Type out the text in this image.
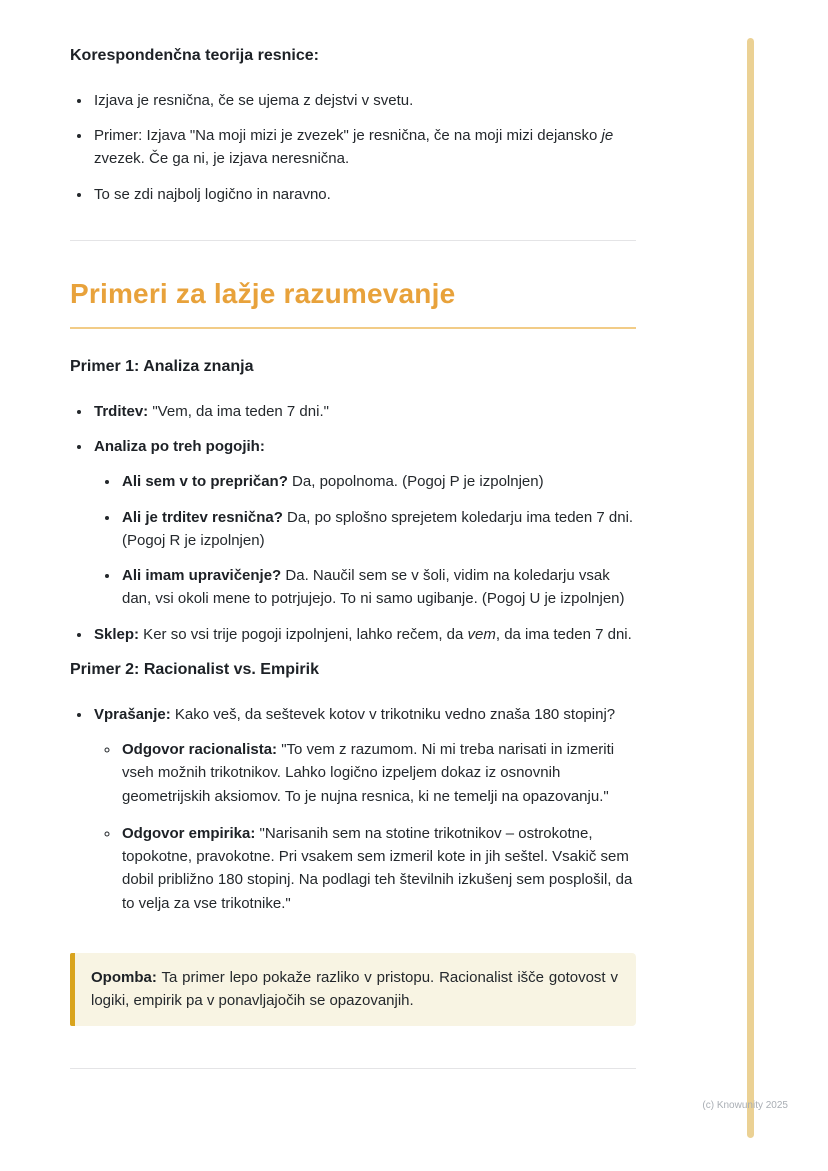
Korespondenčna teorija resnice:
• Izjava je resnična, če se ujema z dejstvi v svetu.
• Primer: Izjava "Na moji mizi je zvezek" je resnična, če na moji mizi dejansko je zvezek. Če ga ni, je izjava neresnična.
• To se zdi najbolj logično in naravno.
Primeri za lažje razumevanje
Primer 1: Analiza znanja
• Trditev: "Vem, da ima teden 7 dni."
• Analiza po treh pogojih:
• Ali sem v to prepričan? Da, popolnoma. (Pogoj P je izpolnjen)
• Ali je trditev resnična? Da, po splošno sprejetem koledarju ima teden 7 dni. (Pogoj R je izpolnjen)
• Ali imam upravičenje? Da. Naučil sem se v šoli, vidim na koledarju vsak dan, vsi okoli mene to potrjujejo. To ni samo ugibanje. (Pogoj U je izpolnjen)
• Sklep: Ker so vsi trije pogoji izpolnjeni, lahko rečem, da vem, da ima teden 7 dni.
Primer 2: Racionalist vs. Empirik
• Vprašanje: Kako veš, da seštevek kotov v trikotniku vedno znaša 180 stopinj?
◦ Odgovor racionalista: "To vem z razumom. Ni mi treba narisati in izmeriti vseh možnih trikotnikov. Lahko logično izpeljem dokaz iz osnovnih geometrijskih aksiomov. To je nujna resnica, ki ne temelji na opazovanju."
◦ Odgovor empirika: "Narisanih sem na stotine trikotnikov – ostrokotne, topokotne, pravokotne. Pri vsakem sem izmeril kote in jih seštel. Vsakič sem dobil približno 180 stopinj. Na podlagi teh številnih izkušenj sem posplošil, da to velja za vse trikotnike."
Opomba: Ta primer lepo pokaže razliko v pristopu. Racionalist išče gotovost v logiki, empirik pa v ponavljajočih se opazovanjih.
(c) Knowunity 2025
